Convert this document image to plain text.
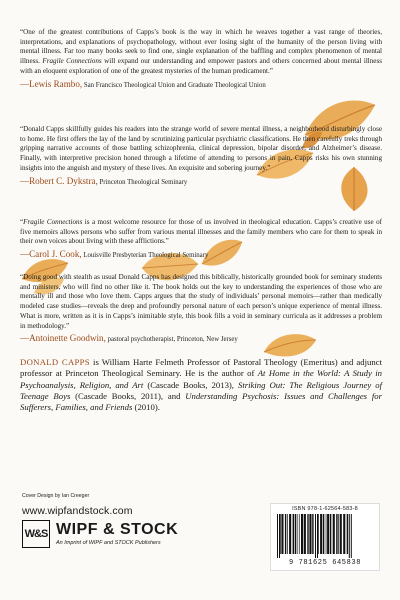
“One of the greatest contributions of Capps’s book is the way in which he weaves together a vast range of theories, interpretations, and explanations of psychopathology, without ever losing sight of the humanity of the person living with mental illness. Far too many books seek to find one, single explanation of the baffling and complex phenomenon of mental illness. Fragile Connections will expand our understanding and empower pastors and others concerned about mental illness with an eloquent exploration of one of the greatest mysteries of the human predicament.”

—Lewis Rambo, San Francisco Theological Union and Graduate Theological Union

“Donald Capps skillfully guides his readers into the strange world of severe mental illness, a neighborhood disturbingly close to home. He first offers the lay of the land by scrutinizing particular psychiatric classifications. He then carefully treks through gripping narrative accounts of those battling schizophrenia, clinical depression, bipolar disorder, and Alzheimer’s disease. Finally, with interpretive precision honed through a lifetime of attending to persons in pain, Capps risks his own stunning insights into the anguish and mystery of these lives. An exquisite and sobering journey.”

—Robert C. Dykstra, Princeton Theological Seminary

“Fragile Connections is a most welcome resource for those of us involved in theological education. Capps’s creative use of five memoirs allows persons who suffer from various mental illnesses and the family members who care for them to speak in their own voices about living with these afflictions.”

—Carol J. Cook, Louisville Presbyterian Theological Seminary

“Doing good with stealth as usual Donald Capps has designed this biblically, historically grounded book for seminary students and ministers, who will find no other like it. The book holds out the key to understanding the experiences of those who are mentally ill and those who love them. Capps argues that the study of individuals’ personal memoirs—rather than medically modeled case studies—reveals the deep and profoundly personal nature of each person’s unique experience of mental illness. What is more, written as it is in Capps’s inimitable style, this book fills a void in seminary curricula as it addresses a problem in methodology.”

—Antoinette Goodwin, pastoral psychotherapist, Princeton, New Jersey

DONALD CAPPS is William Harte Felmeth Professor of Pastoral Theology (Emeritus) and adjunct professor at Princeton Theological Seminary. He is the author of At Home in the World: A Study in Psychoanalysis, Religion, and Art (Cascade Books, 2013), Striking Out: The Religious Journey of Teenage Boys (Cascade Books, 2011), and Understanding Psychosis: Issues and Challenges for Sufferers, Families, and Friends (2010).

Cover Design by Ian Creeger
www.wipfandstock.com
W&S WIPF & STOCK
An Imprint of WIPF and STOCK Publishers
ISBN 978-1-62564-583-8
9 781625 645838
